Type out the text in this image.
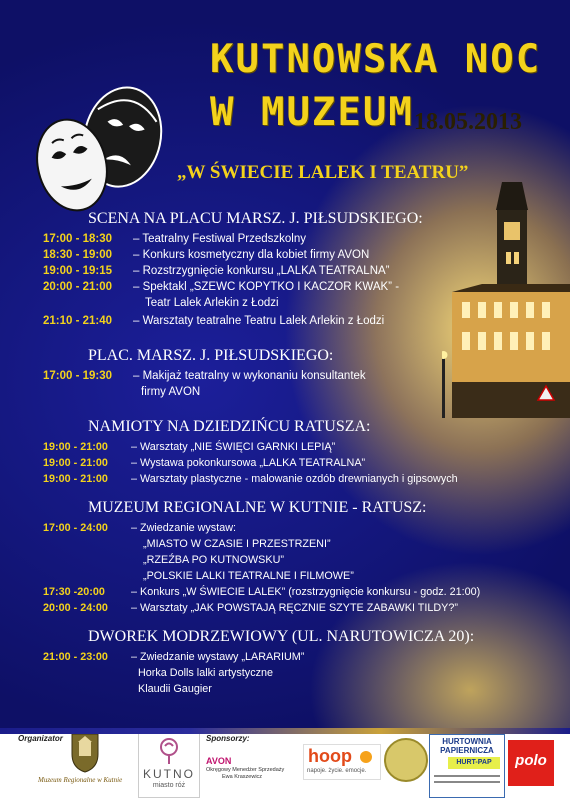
KUTNOWSKA NOC
W MUZEUM 18.05.2013
„W ŚWIECIE LALEK I TEATRU”
SCENA NA PLACU MARSZ. J. PIŁSUDSKIEGO:
17:00 - 18:30 – Teatralny Festiwal Przedszkolny
18:30 - 19:00 – Konkurs kosmetyczny dla kobiet firmy AVON
19:00 - 19:15 – Rozstrzygnięcie konkursu „LALKA TEATRALNA”
20:00 - 21:00 – Spektakl „SZEWC KOPYTKO I KACZOR KWAK” -
Teatr Lalek Arlekin z Łodzi
21:10 - 21:40 – Warsztaty teatralne Teatru Lalek Arlekin z Łodzi
PLAC. MARSZ. J. PIŁSUDSKIEGO:
17:00 - 19:30 – Makijaż teatralny w wykonaniu konsultantek
firmy AVON
NAMIOTY NA DZIEDZIŃCU RATUSZA:
19:00 - 21:00 – Warsztaty „NIE ŚWIĘCI GARNKI LEPIĄ”
19:00 - 21:00 – Wystawa pokonkursowa „LALKA TEATRALNA”
19:00 - 21:00 – Warsztaty plastyczne - malowanie ozdób drewnianych i gipsowych
MUZEUM REGIONALNE W KUTNIE - RATUSZ:
17:00 - 24:00 – Zwiedzanie wystaw:
„MIASTO W CZASIE I PRZESTRZENI”
„RZEŹBA PO KUTNOWSKU”
„POLSKIE LALKI TEATRALNE I FILMOWE”
17:30 -20:00 – Konkurs „W ŚWIECIE LALEK” (rozstrzygnięcie konkursu - godz. 21:00)
20:00 - 24:00 – Warsztaty „JAK POWSTAJĄ RĘCZNIE SZYTE ZABAWKI TILDY?”
DWOREK MODRZEWIOWY (UL. NARUTOWICZA 20):
21:00 - 23:00 – Zwiedzanie wystawy „LARARIUM”
Horka Dolls lalki artystyczne
Klaudii Gaugier
Organizator
Muzeum Regionalne w Kutnie	KUTNO
miasto róż
Sponsorzy:
AVON
Okręgowy Menedżer Sprzedaży
Ewa Kraszewicz
hoop
napoje. życie. emocje.
HURTOWNIA
PAPIERNICZA
HURT-PAP	polo
